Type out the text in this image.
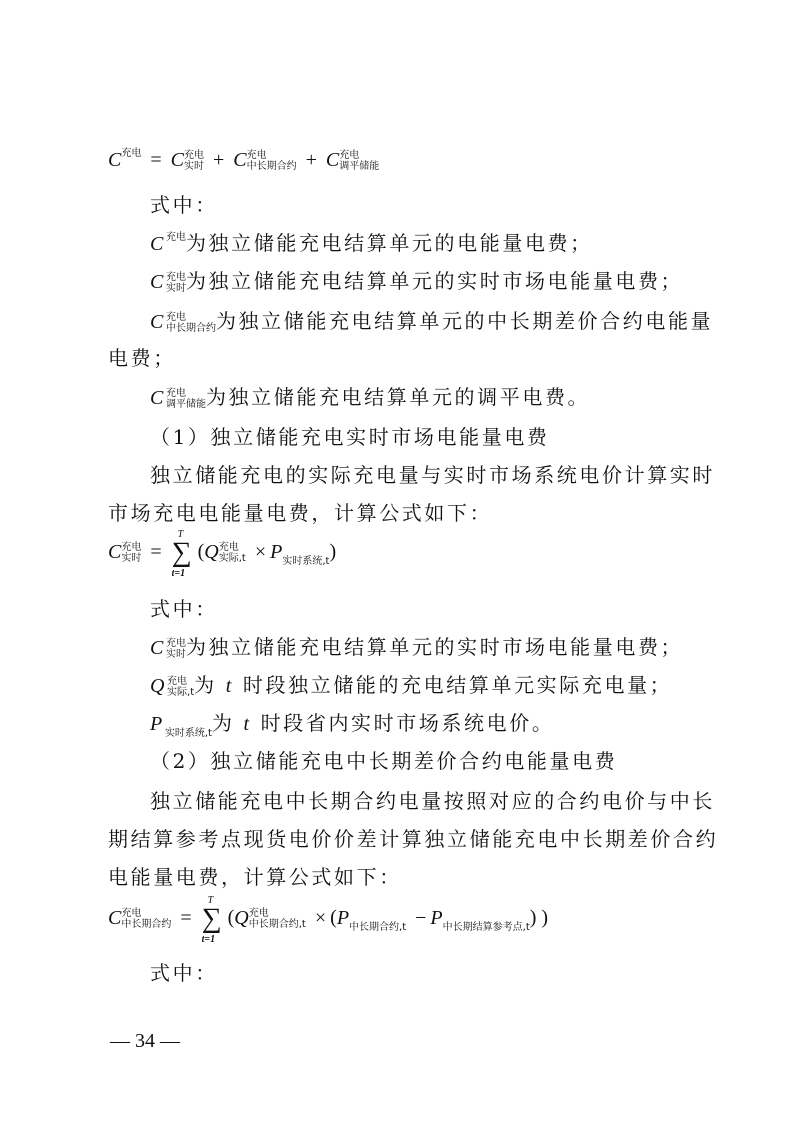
C 充电 = C 充电
实时 + C 充电
中长期合约 + C 充电
调平储能
式中：
C 充电 为独立储能充电结算单元的电能量电费；
C 充电
实时 为独立储能充电结算单元的实时市场电能量电费；
C 充电
中长期合约 为独立储能充电结算单元的中长期差价合约电能量
电费；
C 充电
调平储能 为独立储能充电结算单元的调平电费。
（1）独立储能充电实时市场电能量电费
独立储能充电的实际充电量与实时市场系统电价计算实时
市场充电电能量电费，计算公式如下：
C 充电
实时 =
T
∑
t=1
(Q 充电
实际,t × P 实时系统,t )
式中：
C 充电
实时 为独立储能充电结算单元的实时市场电能量电费；
Q 充电
实际,t 为 t 时段独立储能的充电结算单元实际充电量；
P 实时系统,t 为 t 时段省内实时市场系统电价。
（2）独立储能充电中长期差价合约电能量电费
独立储能充电中长期合约电量按照对应的合约电价与中长
期结算参考点现货电价价差计算独立储能充电中长期差价合约
电能量电费，计算公式如下：
C 充电
中长期合约 =
T
∑
t=1
(Q 充电
中长期合约,t × (P 中长期合约,t − P 中长期结算参考点,t ) )
式中：
— 34 —
